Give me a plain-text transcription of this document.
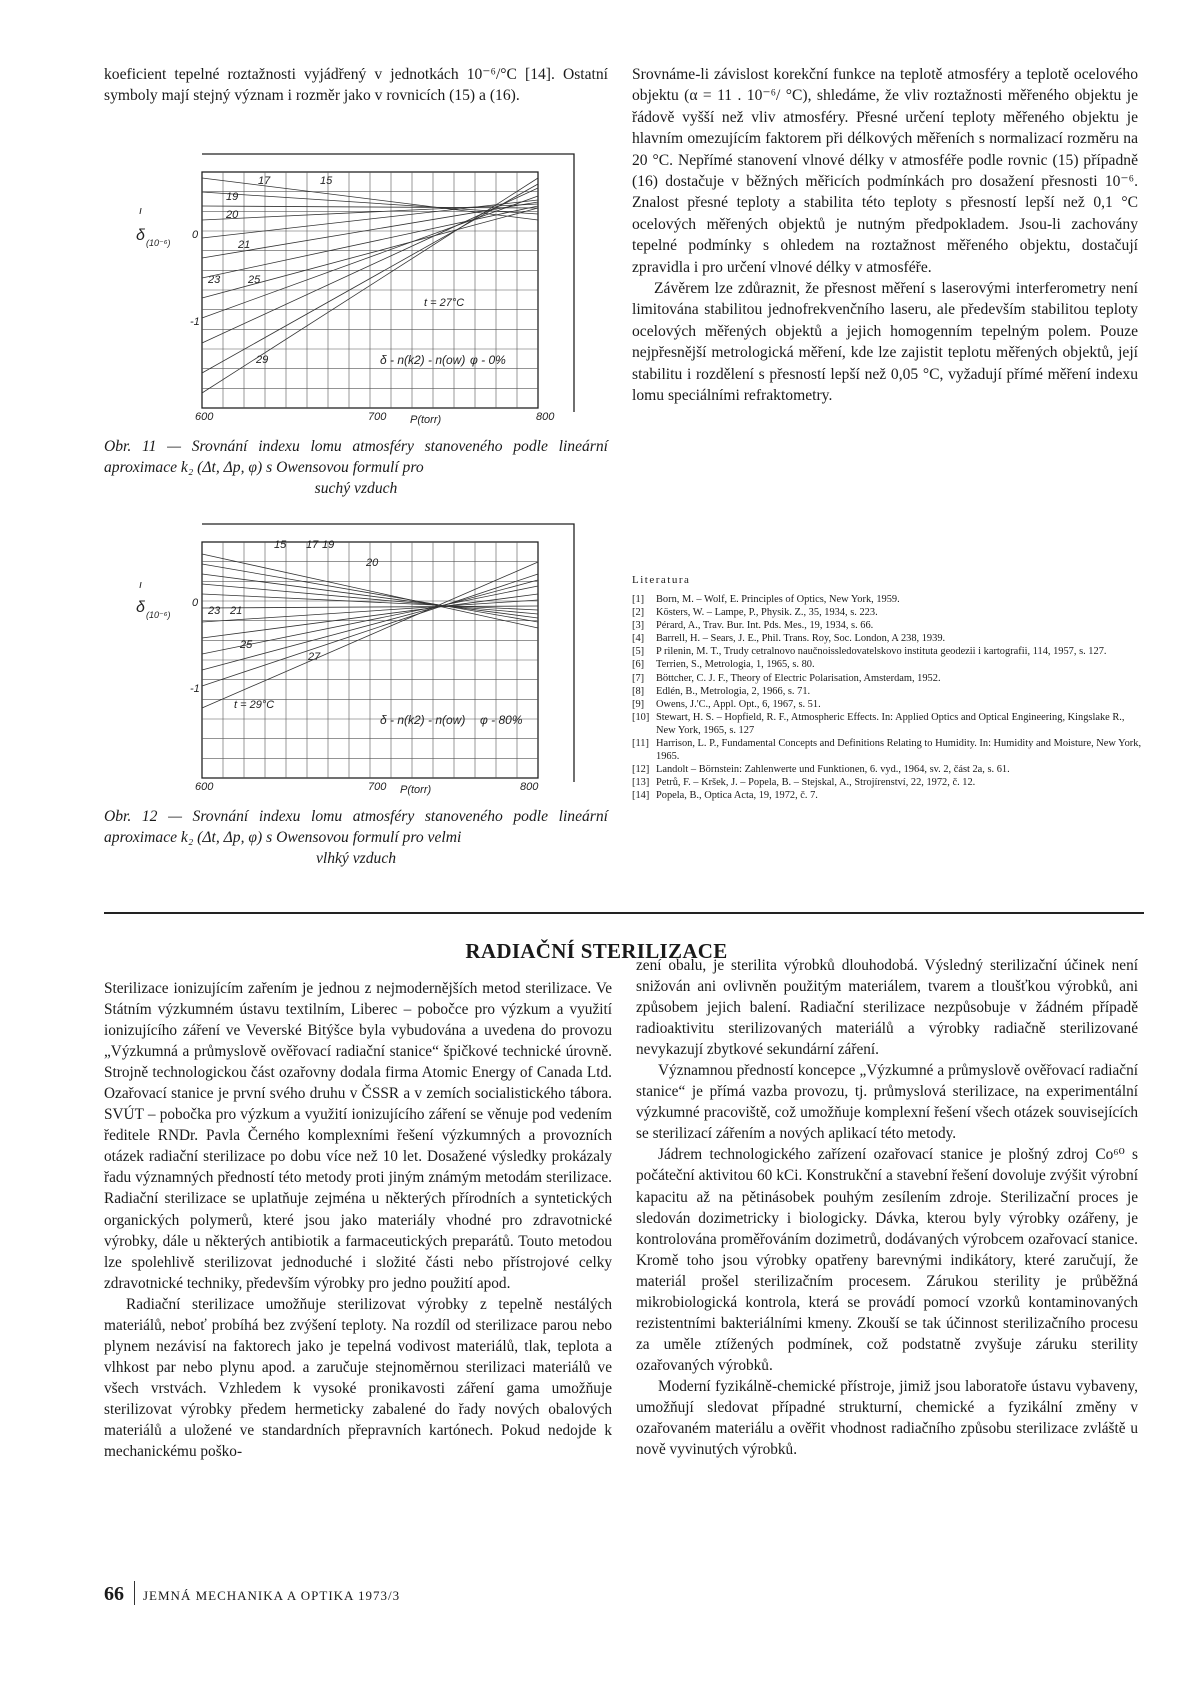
koeficient tepelné roztažnosti vyjádřený v jednotkách 10⁻⁶/°C [14]. Ostatní symboly mají stejný význam i rozměr jako v rovnicích (15) a (16).

ı
δ (10⁻⁶)
0
-1
600	700	800
P(torr)
δ - n(k2) - n(ow) φ - 0%
t = 27°C
17	15
19
20
21
23	25
29
Obr. 11 — Srovnání indexu lomu atmosféry stanoveného podle lineární aproximace k₂ (Δt, Δp, φ) s Owensovou formulí pro
suchý vzduch
ı
δ (10⁻⁶)
0
-1
600	700	800
P(torr)
δ - n(k2) - n(ow) φ - 80%
t = 29°C
15 17 19
20
23 21
25
27
Obr. 12 — Srovnání indexu lomu atmosféry stanoveného podle lineární aproximace k₂ (Δt, Δp, φ) s Owensovou formulí pro velmi
vlhký vzduch

Srovnáme-li závislost korekční funkce na teplotě atmosféry a teplotě ocelového objektu (α = 11 . 10⁻⁶/ °C), shledáme, že vliv roztažnosti měřeného objektu je řádově vyšší než vliv atmosféry. Přesné určení teploty měřeného objektu je hlavním omezujícím faktorem při délkových měřeních s normalizací rozměru na 20 °C. Nepřímé stanovení vlnové délky v atmosféře podle rovnic (15) případně (16) dostačuje v běžných měřicích podmínkách pro dosažení přesnosti 10⁻⁶. Znalost přesné teploty a stabilita této teploty s přesností lepší než 0,1 °C ocelových měřených objektů je nutným předpokladem. Jsou-li zachovány tepelné podmínky s ohledem na roztažnost měřeného objektu, dostačují zpravidla i pro určení vlnové délky v atmosféře.

Závěrem lze zdůraznit, že přesnost měření s laserovými interferometry není limitována stabilitou jednofrekvenčního laseru, ale především stabilitou teploty ocelových měřených objektů a jejich homogenním tepelným polem. Pouze nejpřesnější metrologická měření, kde lze zajistit teplotu měřených objektů, její stabilitu i rozdělení s přesností lepší než 0,05 °C, vyžadují přímé měření indexu lomu speciálními refraktometry.

Literatura
[1] Born, M. – Wolf, E. Principles of Optics, New York, 1959.
[2] Kösters, W. – Lampe, P., Physik. Z., 35, 1934, s. 223.
[3] Pérard, A., Trav. Bur. Int. Pds. Mes., 19, 1934, s. 66.
[4] Barrell, H. – Sears, J. E., Phil. Trans. Roy, Soc. London, A 238, 1939.
[5] P rilenin, M. T., Trudy cetralnovo naučnoissledovatelskovo instituta geodezii i kartografii, 114, 1957, s. 127.
[6] Terrien, S., Metrologia, 1, 1965, s. 80.
[7] Böttcher, C. J. F., Theory of Electric Polarisation, Amsterdam, 1952.
[8] Edlén, B., Metrologia, 2, 1966, s. 71.
[9] Owens, J.'C., Appl. Opt., 6, 1967, s. 51.
[10] Stewart, H. S. – Hopfield, R. F., Atmospheric Effects. In: Applied Optics and Optical Engineering, Kingslake R., New York, 1965, s. 127
[11] Harrison, L. P., Fundamental Concepts and Definitions Relating to Humidity. In: Humidity and Moisture, New York, 1965.
[12] Landolt – Börnstein: Zahlenwerte und Funktionen, 6. vyd., 1964, sv. 2, část 2a, s. 61.
[13] Petrů, F. – Kršek, J. – Popela, B. – Stejskal, A., Strojírenství, 22, 1972, č. 12.
[14] Popela, B., Optica Acta, 19, 1972, č. 7.
RADIAČNÍ STERILIZACE

Sterilizace ionizujícím zařením je jednou z nejmodernějších metod sterilizace. Ve Státním výzkumném ústavu textilním, Liberec – pobočce pro výzkum a využití ionizujícího záření ve Veverské Bitýšce byla vybudována a uvedena do provozu „Výzkumná a průmyslově ověřovací radiační stanice“ špičkové technické úrovně. Strojně technologickou část ozařovny dodala firma Atomic Energy of Canada Ltd. Ozařovací stanice je první svého druhu v ČSSR a v zemích socialistického tábora. SVÚT – pobočka pro výzkum a využití ionizujícího záření se věnuje pod vedením ředitele RNDr. Pavla Černého komplexními řešení výzkumných a provozních otázek radiační sterilizace po dobu více než 10 let. Dosažené výsledky prokázaly řadu významných předností této metody proti jiným známým metodám sterilizace. Radiační sterilizace se uplatňuje zejména u některých přírodních a syntetických organických polymerů, které jsou jako materiály vhodné pro zdravotnické výrobky, dále u některých antibiotik a farmaceutických preparátů. Touto metodou lze spolehlivě sterilizovat jednoduché i složité části nebo přístrojové celky zdravotnické techniky, především výrobky pro jedno použití apod.

Radiační sterilizace umožňuje sterilizovat výrobky z tepelně nestálých materiálů, neboť probíhá bez zvýšení teploty. Na rozdíl od sterilizace parou nebo plynem nezávisí na faktorech jako je tepelná vodivost materiálů, tlak, teplota a vlhkost par nebo plynu apod. a zaručuje stejnoměrnou sterilizaci materiálů ve všech vrstvách. Vzhledem k vysoké pronikavosti záření gama umožňuje sterilizovat výrobky předem hermeticky zabalené do řady nových obalových materiálů a uložené ve standardních přepravních kartónech. Pokud nedojde k mechanickému poško-

zení obalu, je sterilita výrobků dlouhodobá. Výsledný sterilizační účinek není snižován ani ovlivněn použitým materiálem, tvarem a tloušťkou výrobků, ani způsobem jejich balení. Radiační sterilizace nezpůsobuje v žádném případě radioaktivitu sterilizovaných materiálů a výrobky radiačně sterilizované nevykazují zbytkové sekundární záření.

Významnou předností koncepce „Výzkumné a průmyslově ověřovací radiační stanice“ je přímá vazba provozu, tj. průmyslová sterilizace, na experimentální výzkumné pracoviště, což umožňuje komplexní řešení všech otázek souvisejících se sterilizací zářením a nových aplikací této metody.

Jádrem technologického zařízení ozařovací stanice je plošný zdroj Co⁶⁰ s počáteční aktivitou 60 kCi. Konstrukční a stavební řešení dovoluje zvýšit výrobní kapacitu až na pětinásobek pouhým zesílením zdroje. Sterilizační proces je sledován dozimetricky i biologicky. Dávka, kterou byly výrobky ozářeny, je kontrolována proměřováním dozimetrů, dodávaných výrobcem ozařovací stanice. Kromě toho jsou výrobky opatřeny barevnými indikátory, které zaručují, že materiál prošel sterilizačním procesem. Zárukou sterility je průběžná mikrobiologická kontrola, která se provádí pomocí vzorků kontaminovaných rezistentními bakteriálními kmeny. Zkouší se tak účinnost sterilizačního procesu za uměle ztížených podmínek, což podstatně zvyšuje záruku sterility ozařovaných výrobků.

Moderní fyzikálně-chemické přístroje, jimiž jsou laboratoře ústavu vybaveny, umožňují sledovat případné strukturní, chemické a fyzikální změny v ozařovaném materiálu a ověřit vhodnost radiačního způsobu sterilizace zvláště u nově vyvinutých výrobků.

66 JEMNÁ MECHANIKA A OPTIKA 1973/3
